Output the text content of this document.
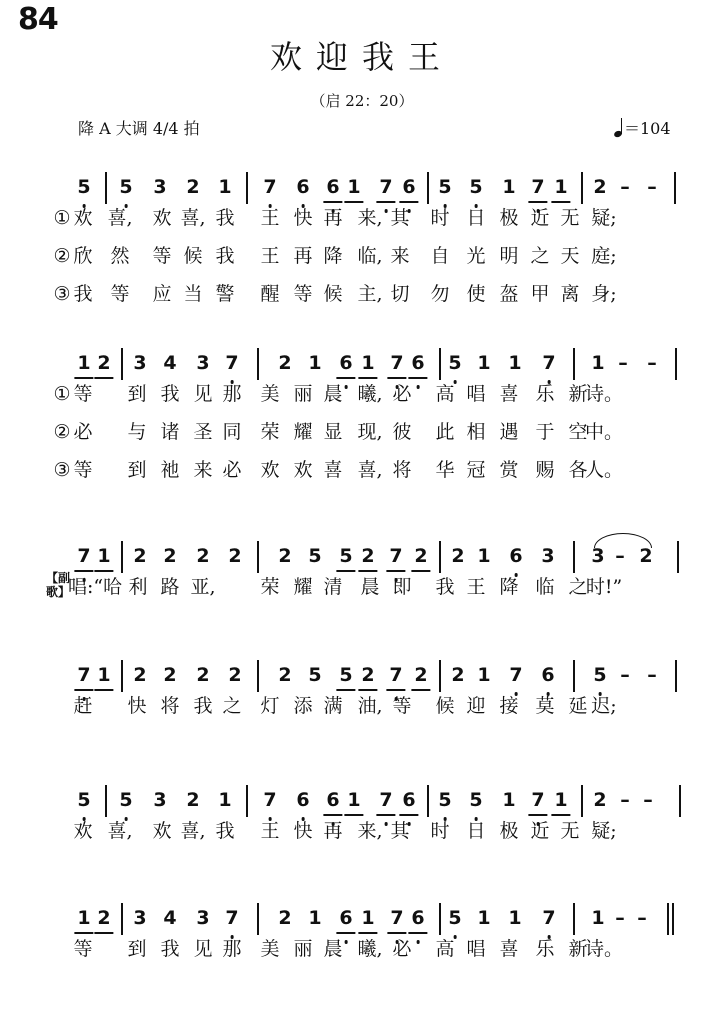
84
欢迎我王
（启 22：20）
降 A 大调 4/4 拍	＝104
5 5 3 2 1 7 6 6 1 7 6 5 5 1 7 1 2 – –
① 欢 喜, 欢 喜, 我 王 快 再 来, 其 时 日 极 近 无 疑;
② 欣 然 等 候 我 王 再 降 临, 来 自 光 明 之 天 庭;
③ 我 等 应 当 警 醒 等 候 主, 切 勿 使 盔 甲 离 身;
1 2 3 4 3 7 2 1 6 1 7 6 5 1 1 7 1 – –
① 等 到 我 见 那 美 丽 晨 曦, 必 高 唱 喜 乐 新
诗。
② 必 与 诸 圣 同 荣 耀 显 现, 彼 此 相 遇 于 空
中。
③ 等 到 祂 来 必 欢 欢 喜 喜, 将 华 冠 赏 赐 各
人。
7 1 2 2 2 2 2 5 5 2 7 2 2 1 6 3 3 – 2
利 路 亚, 荣 耀 清 晨 即 我 王 降 临 之
时!”
唱:“哈
【副歌】
7 1 2 2 2 2 2 5 5 2 7 2 2 1 7 6 5 – –
赶 快 将 我 之 灯 添 满 油, 等 候 迎 接 莫 延 迟;
5 5 3 2 1 7 6 6 1 7 6 5 5 1 7 1 2 – –
欢 喜, 欢 喜, 我 王 快 再 来, 其 时 日 极 近 无 疑;
1 2 3 4 3 7 2 1 6 1 7 6 5 1 1 7 1 – –
等 到 我 见 那 美 丽 晨 曦, 必 高 唱 喜 乐 新
诗。
